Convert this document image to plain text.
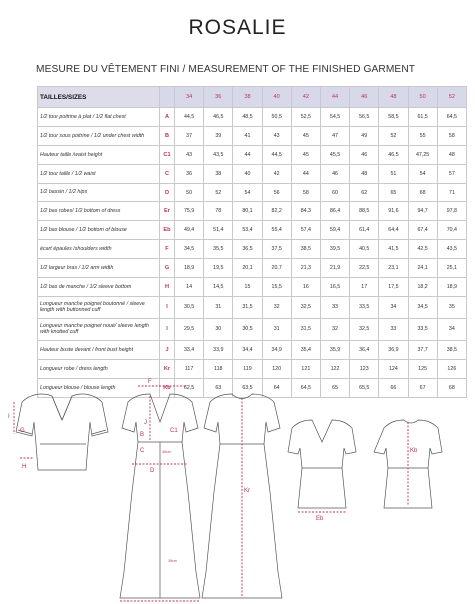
ROSALIE
MESURE DU VÊTEMENT FINI / MEASUREMENT OF THE FINISHED GARMENT
TAILLES/SIZES		34	36	38	40	42	44	46	48	50	52
1/2 tour poitrine à plat / 1/2 flat chest	A	44,5	46,5	48,5	50,5	52,5	54,5	56,5	58,5	61,5	64,5
1/2 tour sous poitrine / 1/2 under chest width	B	37	39	41	43	45	47	49	52	55	58
Hauteur taille /waist height	C1	43	43,5	44	44,5	45	45,5	46	46,5	47,25	48
1/2 tour taille / 1/2 waist	C	36	38	40	42	44	46	48	51	54	57
1/2 bassin / 1/2 hips	D	50	52	54	56	58	60	62	65	68	71
1/2 bas robes/ 1/2 bottom of dress	Er	75,9	78	80,1	82,2	84,3	86,4	88,5	91,6	94,7	97,8
1/2 bas blouse / 1/2 bottom of blouse	Eb	49,4	51,4	53,4	55,4	57,4	59,4	61,4	64,4	67,4	70,4
écart épaules /shoulders width	F	34,5	35,5	36,5	37,5	38,5	39,5	40,5	41,5	42,5	43,5
1/2 largeur bras / 1/2 arm width	G	18,9	19,5	20,1	20,7	21,3	21,9	22,5	23,1	24,1	25,1
1/2 bas de manche / 1/2 sleeve bottom	H	14	14,5	15	15,5	16	16,5	17	17,5	18,2	18,9
Longueur manche poignet boutonné / sleeve length with buttonned cuff	I	30,5	31	31,5	32	32,5	33	33,5	34	34,5	35
Longueur manche poignet noué/ sleeve length with knotted cuff	I	29,5	30	30,5	31	31,5	32	32,5	33	33,5	34
Hauteur buste devant / front bust height	J	33,4	33,9	34,4	34,9	35,4	35,9	36,4	36,9	37,7	38,5
Longueur robe / dress length	Kr	117	118	119	120	121	122	123	124	125	126
Longueur blouse / blouse length	Kb	62,5	63	63,5	64	64,5	65	65,5	66	67	68
I
G
H
F
J
B
C1
C
D
49cm
39cm
Kr
Eb
Kb
